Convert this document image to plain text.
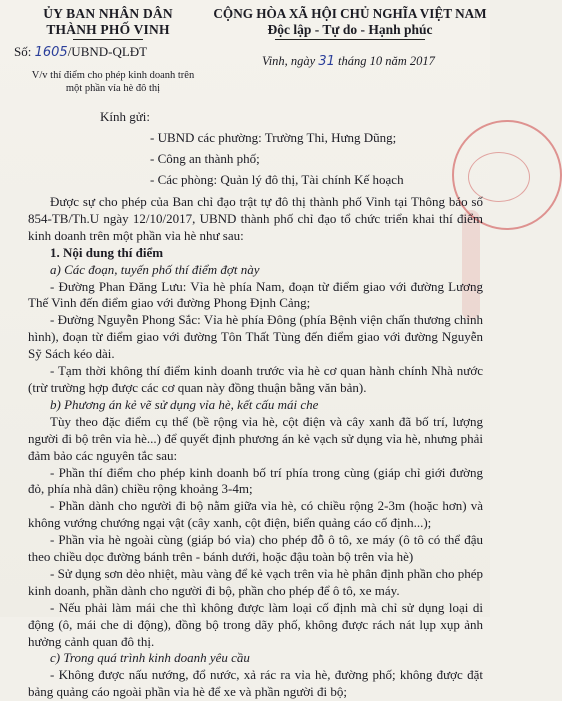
ỦY BAN NHÂN DÂN
THÀNH PHỐ VINH
CỘNG HÒA XÃ HỘI CHỦ NGHĨA VIỆT NAM
Độc lập - Tự do - Hạnh phúc
Số: 1605/UBND-QLĐT
Vinh, ngày 31 tháng 10 năm 2017
V/v thí điểm cho phép kinh doanh trên
một phần vỉa hè đô thị
Kính gửi:
- UBND các phường: Trường Thi, Hưng Dũng;
- Công an thành phố;
- Các phòng: Quản lý đô thị, Tài chính Kế hoạch

Được sự cho phép của Ban chỉ đạo trật tự đô thị thành phố Vinh tại Thông báo số 854-TB/Th.U ngày 12/10/2017, UBND thành phố chỉ đạo tổ chức triển khai thí điểm kinh doanh trên một phần vỉa hè như sau:

1. Nội dung thí điểm

a) Các đoạn, tuyến phố thí điểm đợt này

- Đường Phan Đăng Lưu: Vỉa hè phía Nam, đoạn từ điểm giao với đường Lương Thế Vinh đến điểm giao với đường Phong Định Cảng;

- Đường Nguyễn Phong Sắc: Vỉa hè phía Đông (phía Bệnh viện chấn thương chỉnh hình), đoạn từ điểm giao với đường Tôn Thất Tùng đến điểm giao với đường Nguyễn Sỹ Sách kéo dài.

- Tạm thời không thí điểm kinh doanh trước vỉa hè cơ quan hành chính Nhà nước (trừ trường hợp được các cơ quan này đồng thuận bằng văn bản).

b) Phương án kẻ vẽ sử dụng vỉa hè, kết cấu mái che

Tùy theo đặc điểm cụ thể (bề rộng vỉa hè, cột điện và cây xanh đã bố trí, lượng người đi bộ trên vỉa hè...) để quyết định phương án kẻ vạch sử dụng vỉa hè, nhưng phải đảm bảo các nguyên tắc sau:

- Phần thí điểm cho phép kinh doanh bố trí phía trong cùng (giáp chỉ giới đường đỏ, phía nhà dân) chiều rộng khoảng 3-4m;

- Phần dành cho người đi bộ nằm giữa vỉa hè, có chiều rộng 2-3m (hoặc hơn) và không vướng chướng ngại vật (cây xanh, cột điện, biển quảng cáo cố định...);

- Phần vỉa hè ngoài cùng (giáp bó vỉa) cho phép đỗ ô tô, xe máy (ô tô có thể đậu theo chiều dọc đường bánh trên - bánh dưới, hoặc đậu toàn bộ trên vỉa hè)

- Sử dụng sơn dẻo nhiệt, màu vàng để kẻ vạch trên vỉa hè phân định phần cho phép kinh doanh, phần dành cho người đi bộ, phần cho phép để ô tô, xe máy.

- Nếu phải làm mái che thì không được làm loại cố định mà chỉ sử dụng loại di động (ô, mái che di động), đồng bộ trong dãy phố, không được rách nát lụp xụp ảnh hưởng cảnh quan đô thị.

c) Trong quá trình kinh doanh yêu cầu

- Không được nấu nướng, đổ nước, xả rác ra vỉa hè, đường phố; không được đặt bảng quảng cáo ngoài phần vỉa hè để xe và phần người đi bộ;
